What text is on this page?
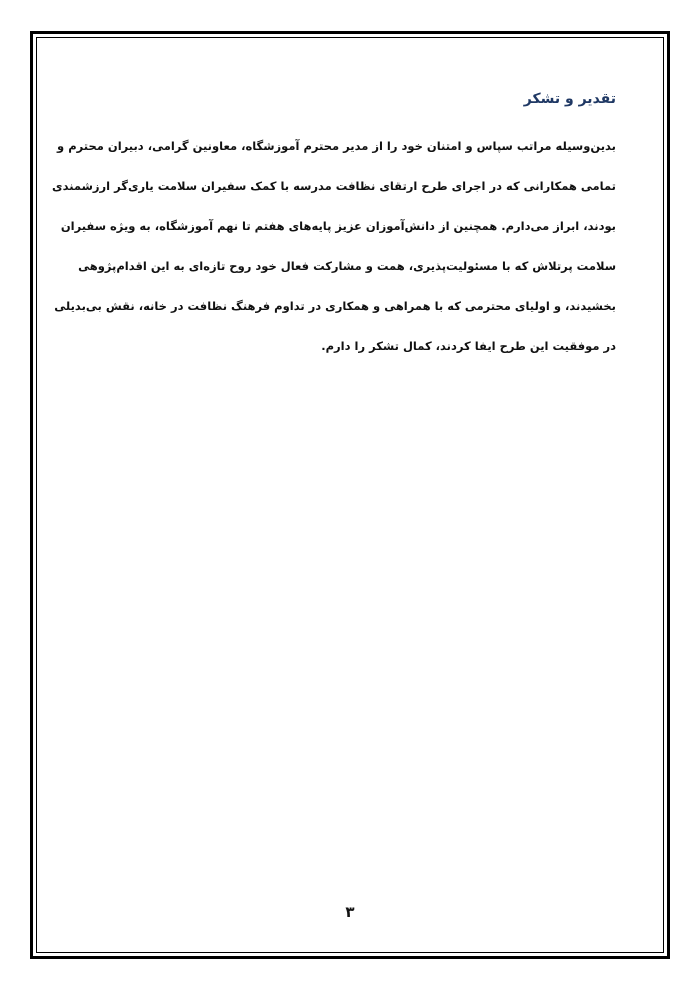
تقدیر و تشکر
بدین‌وسیله مراتب سپاس و امتنان خود را از مدیر محترم آموزشگاه، معاونین گرامی، دبیران محترم و
تمامی همکارانی که در اجرای طرح ارتقای نظافت مدرسه با کمک سفیران سلامت یاری‌گر ارزشمندی
بودند، ابراز می‌دارم. همچنین از دانش‌آموزان عزیز پایه‌های هفتم تا نهم آموزشگاه، به ویژه سفیران
سلامت پرتلاش که با مسئولیت‌پذیری، همت و مشارکت فعال خود روح تازه‌ای به این اقدام‌پژوهی
بخشیدند، و اولیای محترمی که با همراهی و همکاری در تداوم فرهنگ نظافت در خانه، نقش بی‌بدیلی
در موفقیت این طرح ایفا کردند، کمال تشکر را دارم.
۳
